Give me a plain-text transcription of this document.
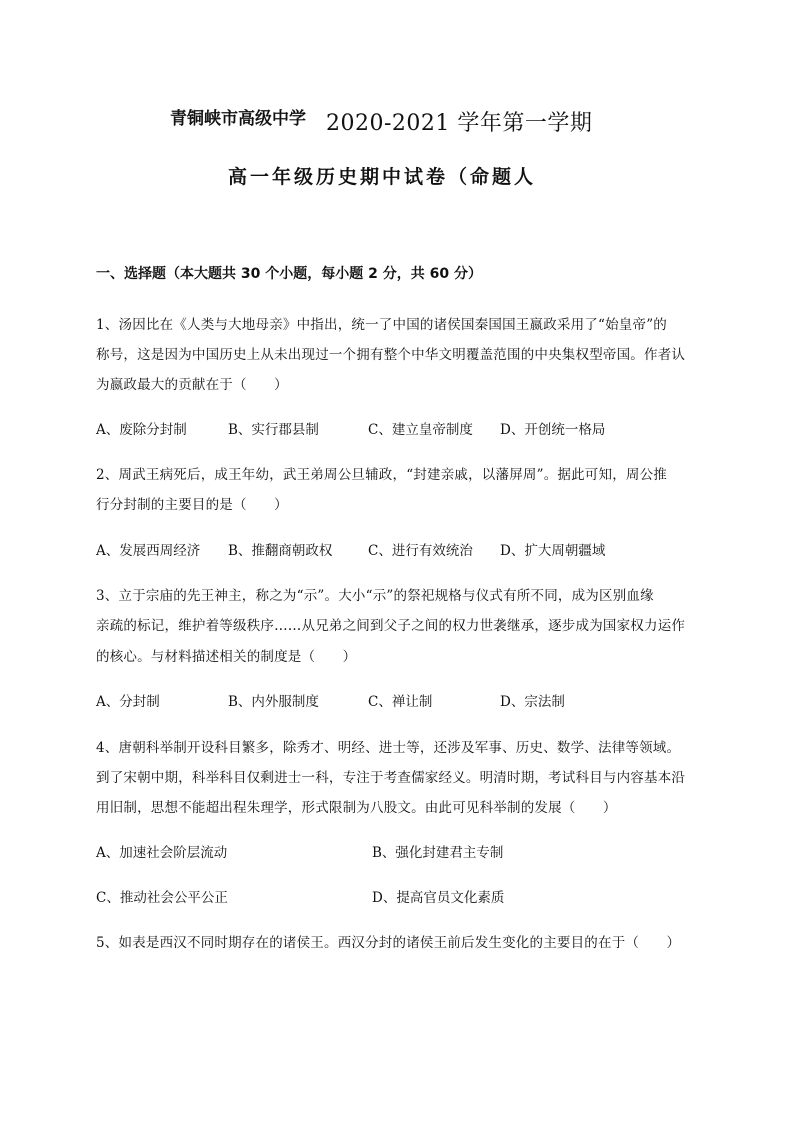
青铜峡市高级中学 2020-2021 学年第一学期
高一年级历史期中试卷（命题人
一、选择题（本大题共 30 个小题，每小题 2 分，共 60 分）
1、汤因比在《人类与大地母亲》中指出，统一了中国的诸侯国秦国国王嬴政采用了“始皇帝”的
称号，这是因为中国历史上从未出现过一个拥有整个中华文明覆盖范围的中央集权型帝国。作者认
为嬴政最大的贡献在于（　　）
A、废除分封制	B、实行郡县制	C、建立皇帝制度 D、开创统一格局
2、周武王病死后，成王年幼，武王弟周公旦辅政，“封建亲戚，以藩屏周”。据此可知，周公推
行分封制的主要目的是（　　）
A、发展西周经济 B、推翻商朝政权	C、进行有效统治 D、扩大周朝疆域
3、立于宗庙的先王神主，称之为“示”。大小“示”的祭祀规格与仪式有所不同，成为区别血缘
亲疏的标记，维护着等级秩序……从兄弟之间到父子之间的权力世袭继承，逐步成为国家权力运作
的核心。与材料描述相关的制度是（　　）
A、分封制	B、内外服制度	C、禅让制	D、宗法制
4、唐朝科举制开设科目繁多，除秀才、明经、进士等，还涉及军事、历史、数学、法律等领域。
到了宋朝中期，科举科目仅剩进士一科，专注于考查儒家经义。明清时期，考试科目与内容基本沿
用旧制，思想不能超出程朱理学，形式限制为八股文。由此可见科举制的发展（　　）
A、加速社会阶层流动	B、强化封建君主专制
C、推动社会公平公正	D、提高官员文化素质
5、如表是西汉不同时期存在的诸侯王。西汉分封的诸侯王前后发生变化的主要目的在于（　　）
